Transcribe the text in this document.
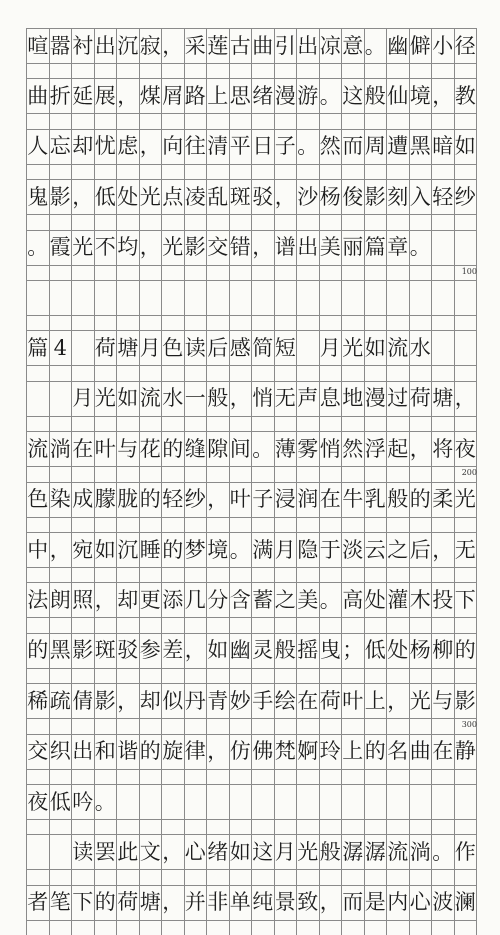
喧 嚣 衬 出 沉 寂 ， 采 莲 古 曲 引 出 凉 意 。 幽 僻 小 径
曲 折 延 展 ， 煤 屑 路 上 思 绪 漫 游 。 这 般 仙 境 ， 教
人 忘 却 忧 虑 ， 向 往 清 平 日 子 。 然 而 周 遭 黑 暗 如
鬼 影 ， 低 处 光 点 凌 乱 斑 驳 ， 沙 杨 俊 影 刻 入 轻 纱
。 霞 光 不 均 ， 光 影 交 错 ， 谱 出 美 丽 篇 章 。
100
篇 4 荷 塘 月 色 读 后 感 简 短 月 光 如 流 水
月 光 如 流 水 一 般 ， 悄 无 声 息 地 漫 过 荷 塘 ，
流 淌 在 叶 与 花 的 缝 隙 间 。 薄 雾 悄 然 浮 起 ， 将 夜
200
色 染 成 朦 胧 的 轻 纱 ， 叶 子 浸 润 在 牛 乳 般 的 柔 光
中 ， 宛 如 沉 睡 的 梦 境 。 满 月 隐 于 淡 云 之 后 ， 无
法 朗 照 ， 却 更 添 几 分 含 蓄 之 美 。 高 处 灌 木 投 下
的 黑 影 斑 驳 参 差 ， 如 幽 灵 般 摇 曳 ； 低 处 杨 柳 的
稀 疏 倩 影 ， 却 似 丹 青 妙 手 绘 在 荷 叶 上 ， 光 与 影
300
交 织 出 和 谐 的 旋 律 ， 仿 佛 梵 婀 玲 上 的 名 曲 在 静
夜 低 吟 。
读 罢 此 文 ， 心 绪 如 这 月 光 般 潺 潺 流 淌 。 作
者 笔 下 的 荷 塘 ， 并 非 单 纯 景 致 ， 而 是 内 心 波 澜
